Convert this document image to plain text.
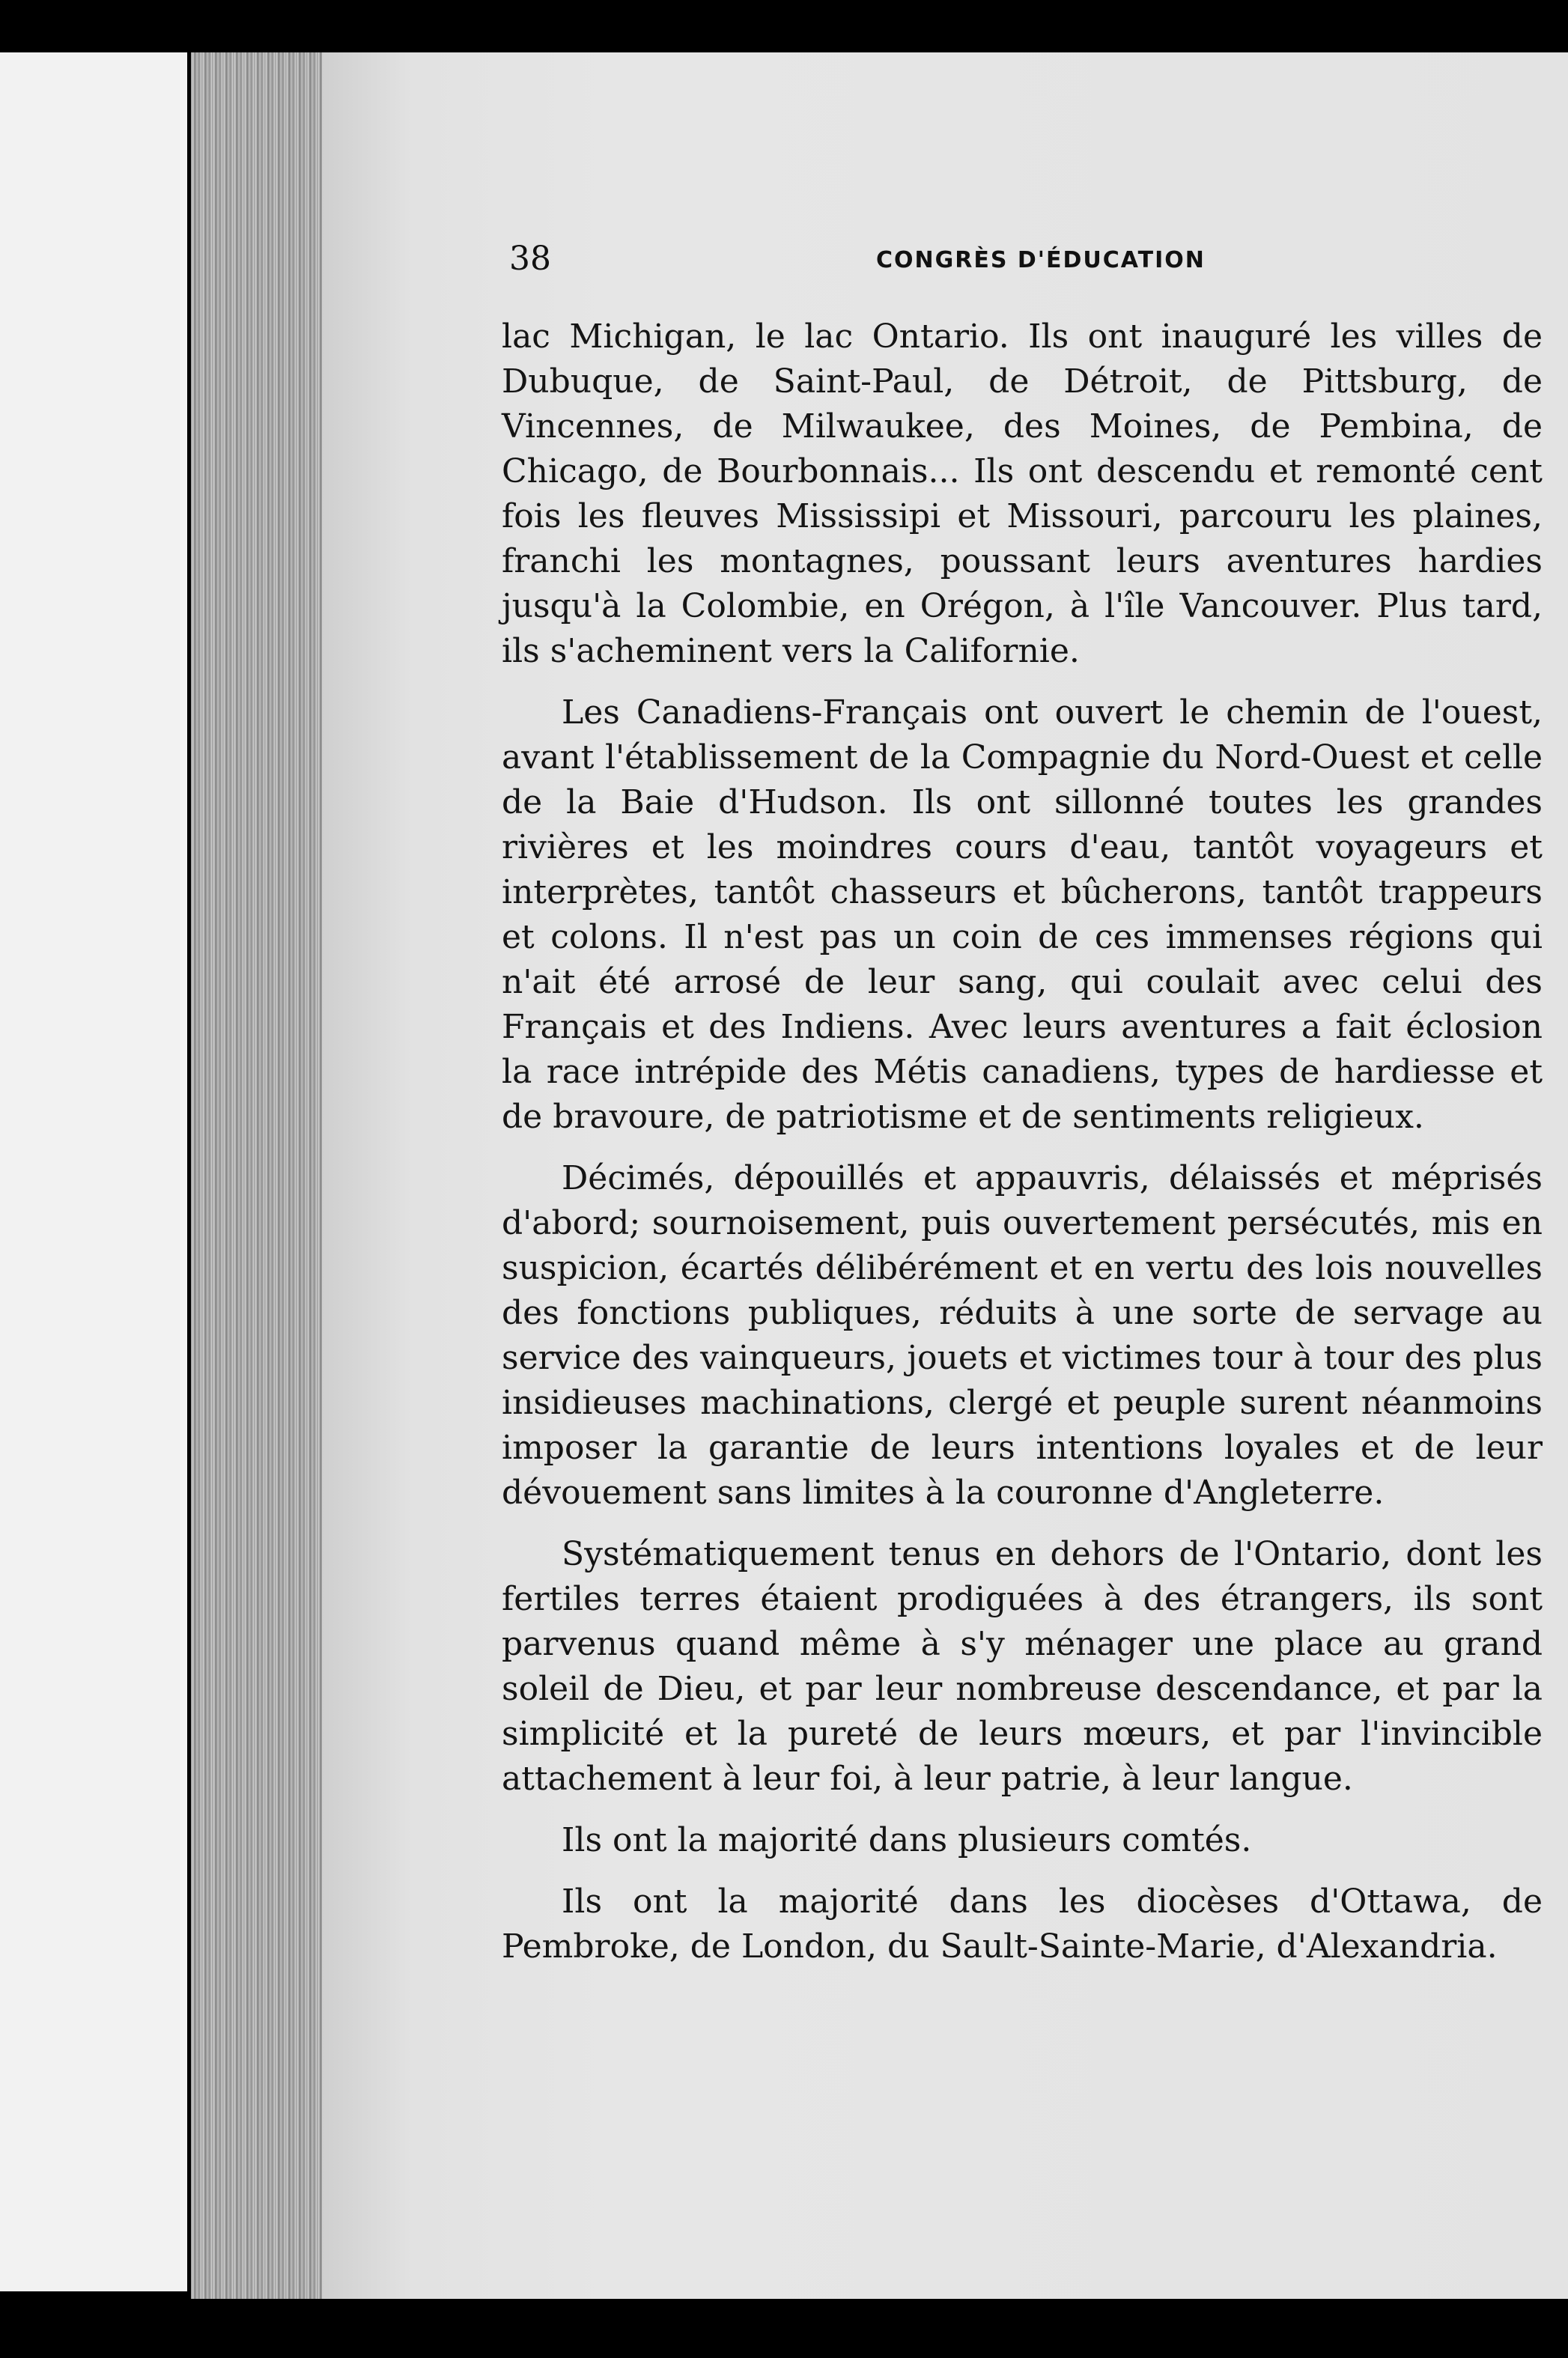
38	CONGRÈS D'ÉDUCATION

lac Michigan, le lac Ontario. Ils ont inauguré les villes de Dubuque, de Saint-Paul, de Détroit, de Pittsburg, de Vincennes, de Milwaukee, des Moines, de Pembina, de Chicago, de Bourbonnais... Ils ont descendu et remonté cent fois les fleuves Mississipi et Missouri, parcouru les plaines, franchi les montagnes, poussant leurs aventures hardies jusqu'à la Colombie, en Orégon, à l'île Vancouver. Plus tard, ils s'acheminent vers la Californie.

Les Canadiens-Français ont ouvert le chemin de l'ouest, avant l'établissement de la Compagnie du Nord-Ouest et celle de la Baie d'Hudson. Ils ont sillonné toutes les grandes rivières et les moindres cours d'eau, tantôt voyageurs et interprètes, tantôt chasseurs et bûcherons, tantôt trappeurs et colons. Il n'est pas un coin de ces immenses régions qui n'ait été arrosé de leur sang, qui coulait avec celui des Français et des Indiens. Avec leurs aventures a fait éclosion la race intrépide des Métis canadiens, types de hardiesse et de bravoure, de patriotisme et de sentiments religieux.

Décimés, dépouillés et appauvris, délaissés et méprisés d'abord; sournoisement, puis ouvertement persécutés, mis en suspicion, écartés délibérément et en vertu des lois nouvelles des fonctions publiques, réduits à une sorte de servage au service des vainqueurs, jouets et victimes tour à tour des plus insidieuses machinations, clergé et peuple surent néanmoins imposer la garantie de leurs intentions loyales et de leur dévouement sans limites à la couronne d'Angleterre.

Systématiquement tenus en dehors de l'Ontario, dont les fertiles terres étaient prodiguées à des étrangers, ils sont parvenus quand même à s'y ménager une place au grand soleil de Dieu, et par leur nombreuse descendance, et par la simplicité et la pureté de leurs mœurs, et par l'invincible attachement à leur foi, à leur patrie, à leur langue.

Ils ont la majorité dans plusieurs comtés.

Ils ont la majorité dans les diocèses d'Ottawa, de Pembroke, de London, du Sault-Sainte-Marie, d'Alexandria.
